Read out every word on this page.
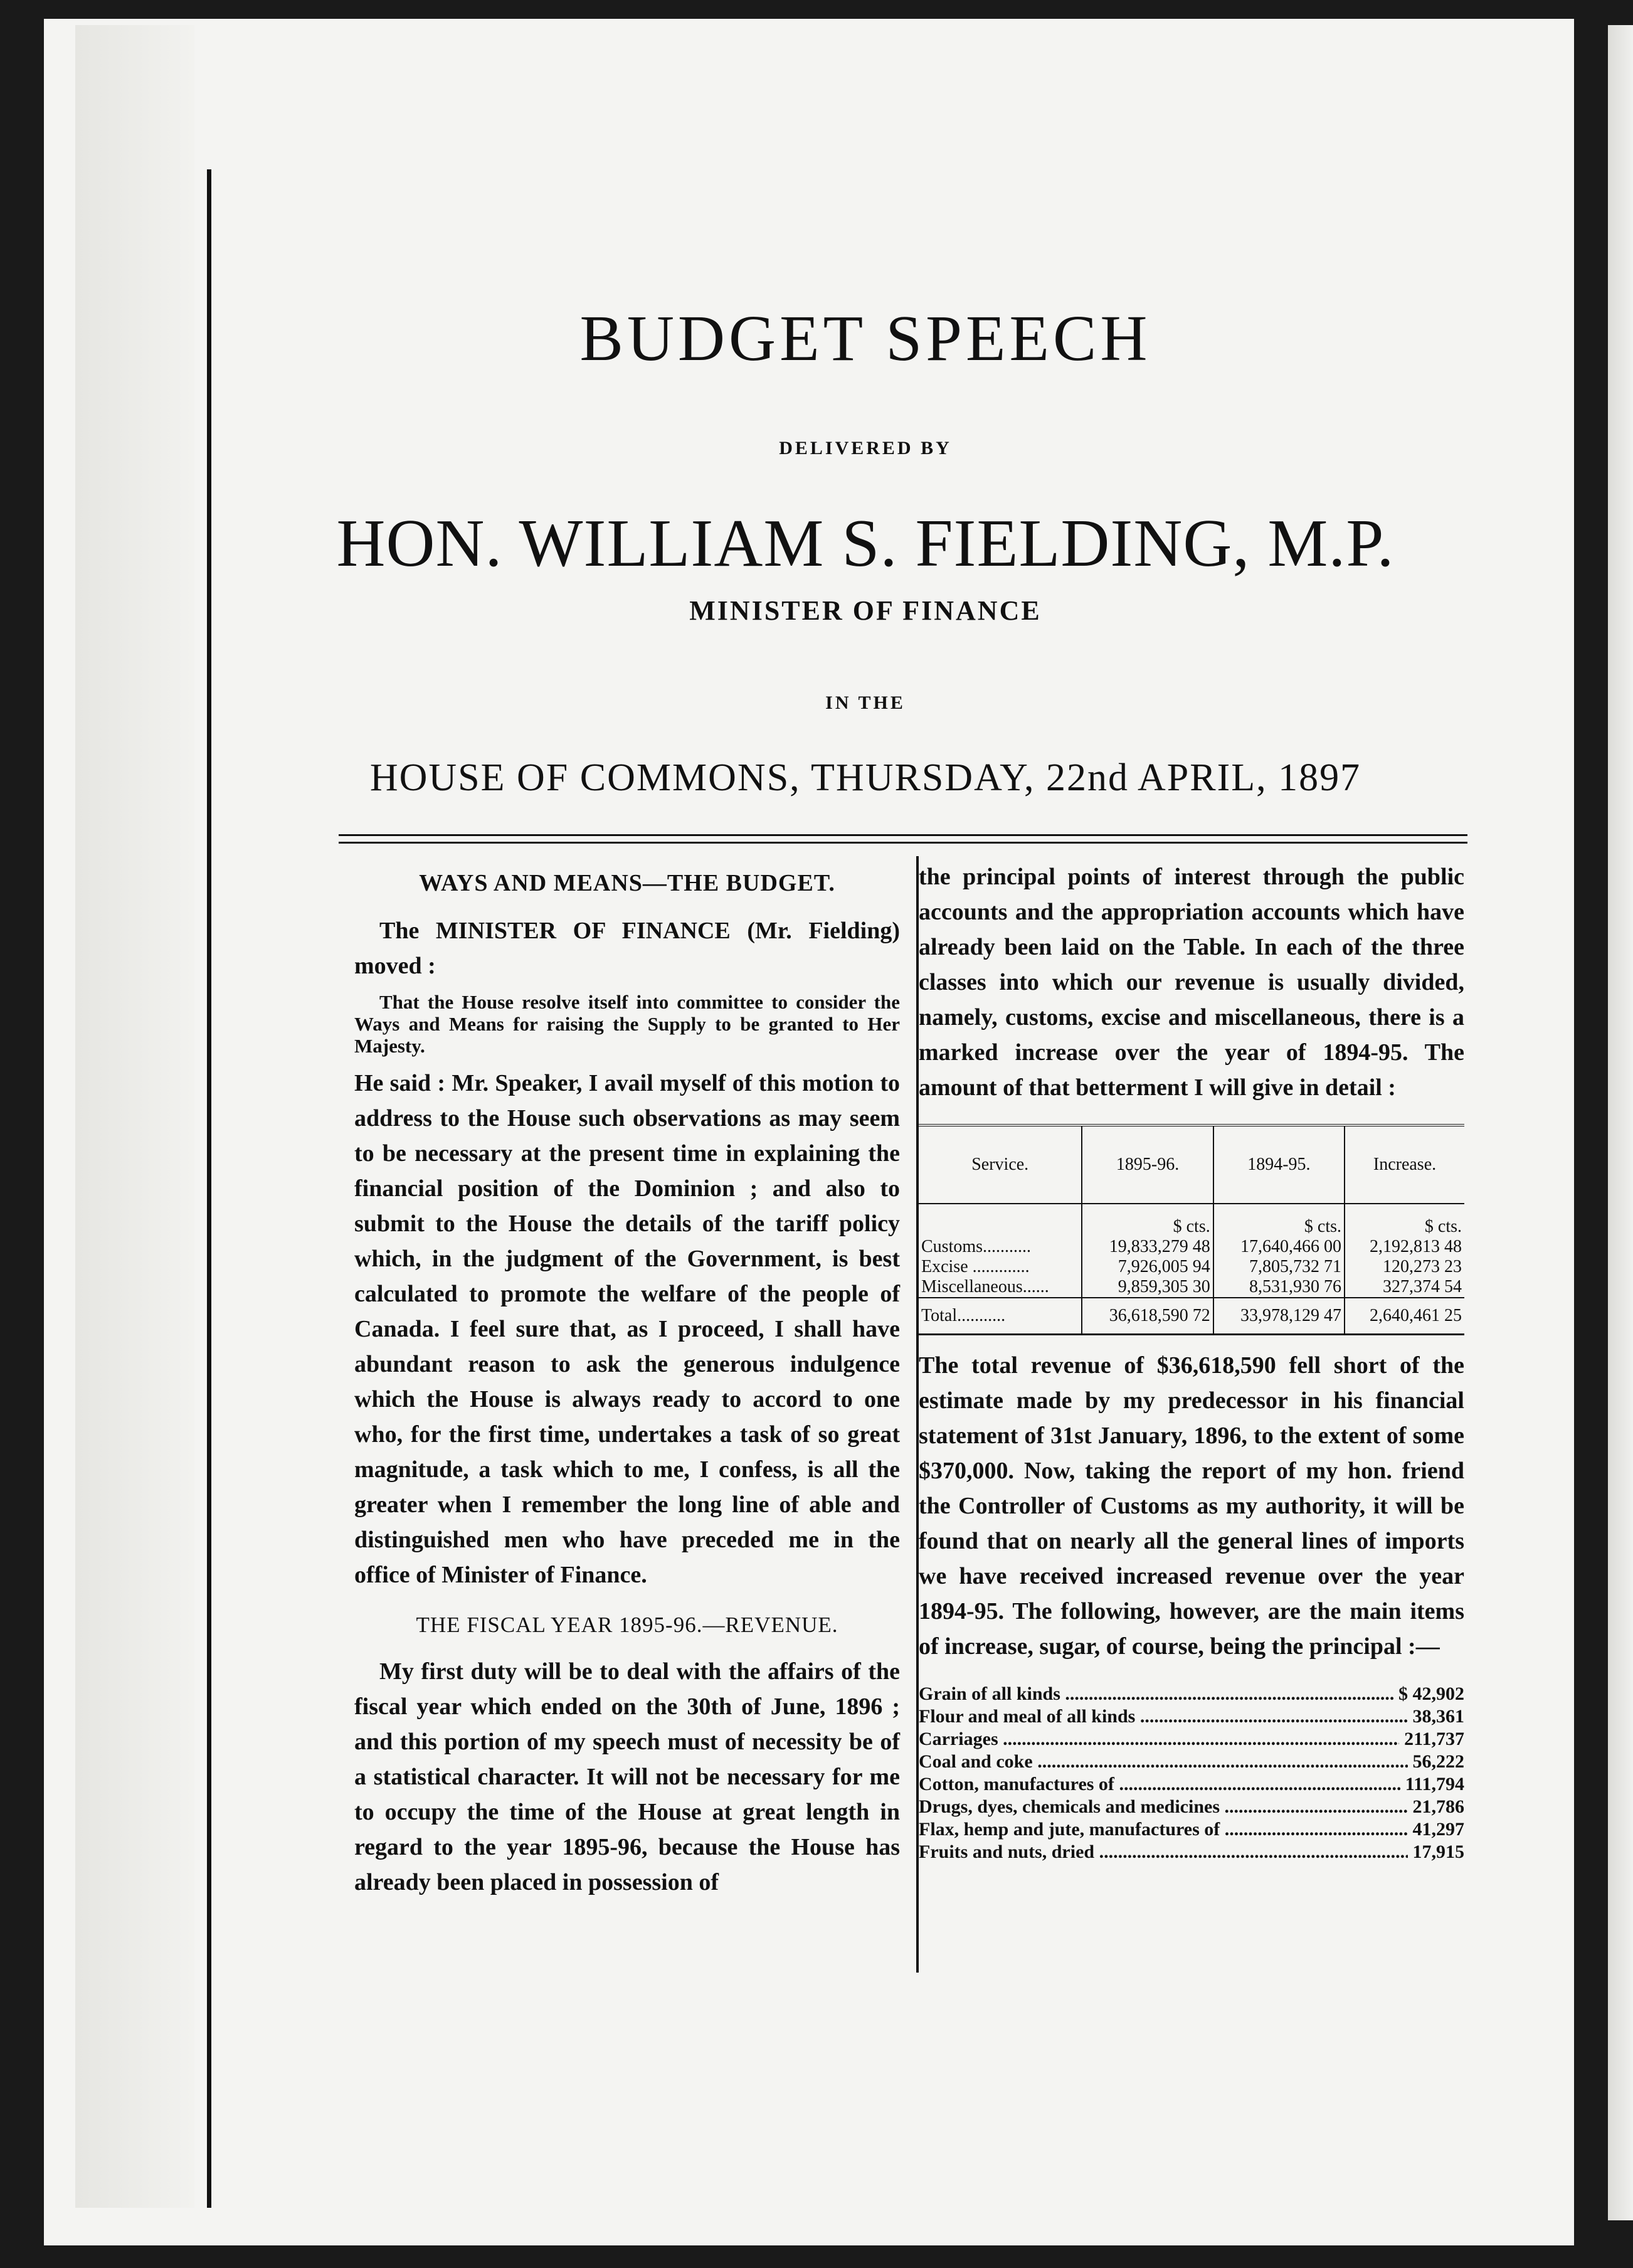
BUDGET SPEECH
DELIVERED BY
HON. WILLIAM S. FIELDING, M.P.
MINISTER OF FINANCE
IN THE
HOUSE OF COMMONS, THURSDAY, 22nd APRIL, 1897
WAYS AND MEANS—THE BUDGET.

The MINISTER OF FINANCE (Mr. Fielding) moved :

That the House resolve itself into committee to consider the Ways and Means for raising the Supply to be granted to Her Majesty.

He said : Mr. Speaker, I avail myself of this motion to address to the House such observations as may seem to be necessary at the present time in explaining the financial position of the Dominion ; and also to submit to the House the details of the tariff policy which, in the judgment of the Government, is best calculated to promote the welfare of the people of Canada. I feel sure that, as I proceed, I shall have abundant reason to ask the generous indulgence which the House is always ready to accord to one who, for the first time, undertakes a task of so great magnitude, a task which to me, I confess, is all the greater when I remember the long line of able and distinguished men who have preceded me in the office of Minister of Finance.

THE FISCAL YEAR 1895-96.—REVENUE.

My first duty will be to deal with the affairs of the fiscal year which ended on the 30th of June, 1896 ; and this portion of my speech must of necessity be of a statistical character. It will not be necessary for me to occupy the time of the House at great length in regard to the year 1895-96, because the House has already been placed in possession of

the principal points of interest through the public accounts and the appropriation accounts which have already been laid on the Table. In each of the three classes into which our revenue is usually divided, namely, customs, excise and miscellaneous, there is a marked increase over the year of 1894-95. The amount of that betterment I will give in detail :

Service.	1895-96.	1894-95.	Increase.
	$ cts.	$ cts.	$ cts.
Customs...........	19,833,279 48	17,640,466 00	2,192,813 48
Excise .............	7,926,005 94	7,805,732 71	120,273 23
Miscellaneous......	9,859,305 30	8,531,930 76	327,374 54
Total...........	36,618,590 72	33,978,129 47	2,640,461 25

The total revenue of $36,618,590 fell short of the estimate made by my predecessor in his financial statement of 31st January, 1896, to the extent of some $370,000. Now, taking the report of my hon. friend the Controller of Customs as my authority, it will be found that on nearly all the general lines of imports we have received increased revenue over the year 1894-95. The following, however, are the main items of increase, sugar, of course, being the principal :—

Grain of all kinds .....	$ 42,902
Flour and meal of all kinds .....	38,361
Carriages .....	211,737
Coal and coke .....	56,222
Cotton, manufactures of .....	111,794
Drugs, dyes, chemicals and medicines .....	21,786
Flax, hemp and jute, manufactures of .....	41,297
Fruits and nuts, dried .....	17,915
